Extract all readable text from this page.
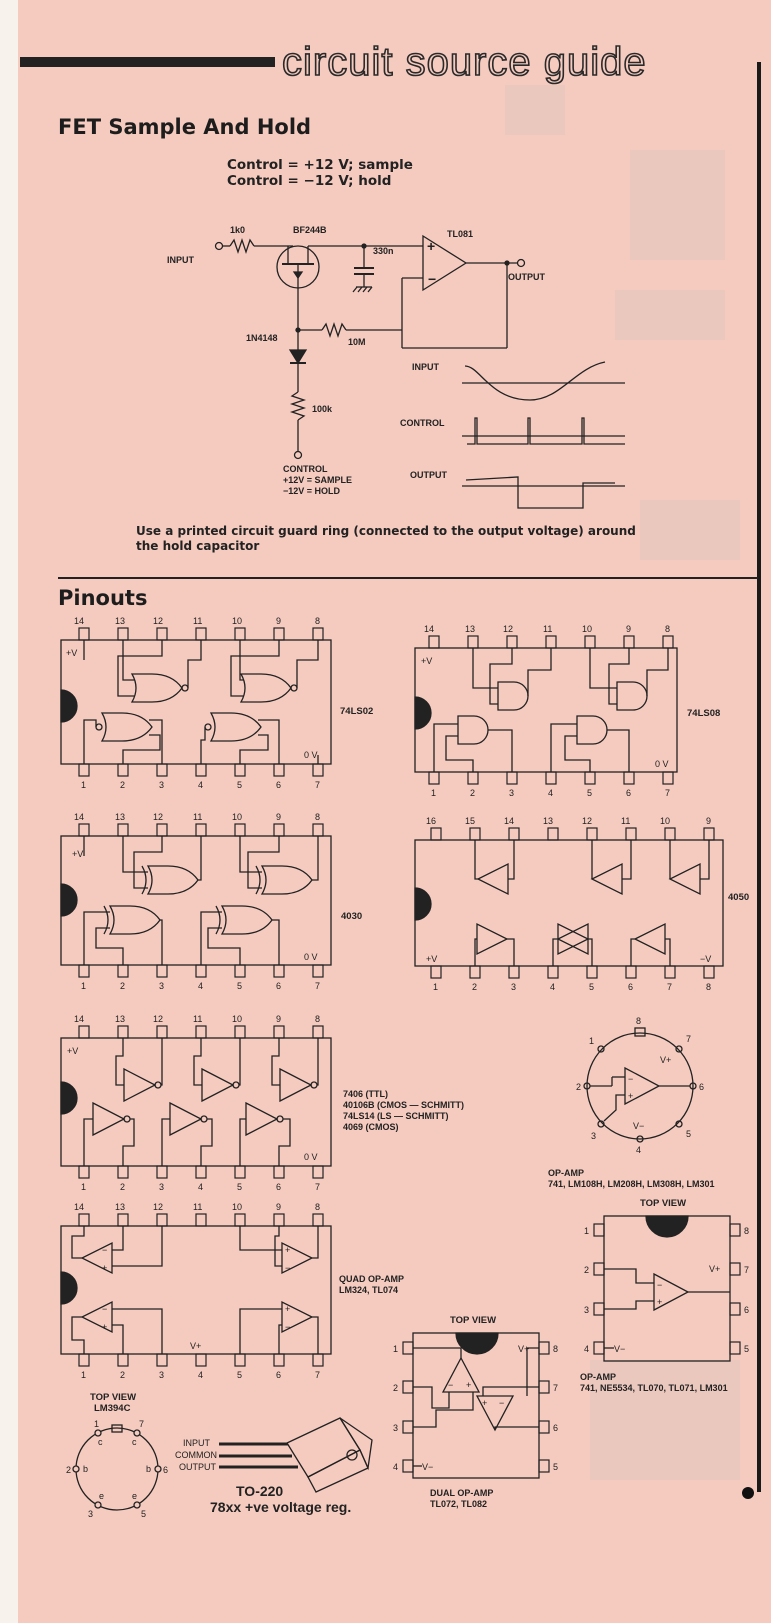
circuit source guide
FET Sample And Hold
Control = +12 V; sample
Control = −12 V; hold
Use a printed circuit guard ring (connected to the output voltage) around the hold capacitor
Pinouts
+
−
INPUT
1k0	BF244B
330n
TL081
OUTPUT
1N4148	10M
100k
CONTROL
+12V = SAMPLE
−12V = HOLD
INPUT
CONTROL
OUTPUT
14	13	12	11	10	9	8
1	2	3	4	5	6	7
+V
0 V
74LS02
14	13	12	11	10	9	8
1	2	3	4	5	6	7
+V
0 V
74LS08
14	13	12	11	10	9	8
1	2	3	4	5	6	7
+V
0 V
4030
16	15	14	13	12	11	10	9
1	2	3	4	5	6	7	8
+V	−V
4050
14	13	12	11	10	9	8
1	2	3	4	5	6	7
+V
0 V
7406 (TTL)
40106B (CMOS — SCHMITT)
74LS14 (LS — SCHMITT)
4069 (CMOS)
−
+
+
−
−
+
+
−
14	13	12	11	10	9	8
1	2	3	4	5	6	7
V+
QUAD OP-AMP
LM324, TL074
−
+
8
1	7
2	6
3
4
5
V+
V−
OP-AMP
741, LM108H, LM208H, LM308H, LM301
−
+
TOP VIEW
1
2
3
4
8
7
6
5
V+
V−
OP-AMP
741, NE5534, TL070, TL071, LM301
− +
+ −
TOP VIEW
1
2
3
4
8
7
6
5
V+
V−
DUAL OP-AMP
TL072, TL082
TOP VIEW
LM394C
1	7
2	6
3	5
c	c
b	b
e	e
INPUT
COMMON
OUTPUT
TO-220
78xx +ve voltage reg.
